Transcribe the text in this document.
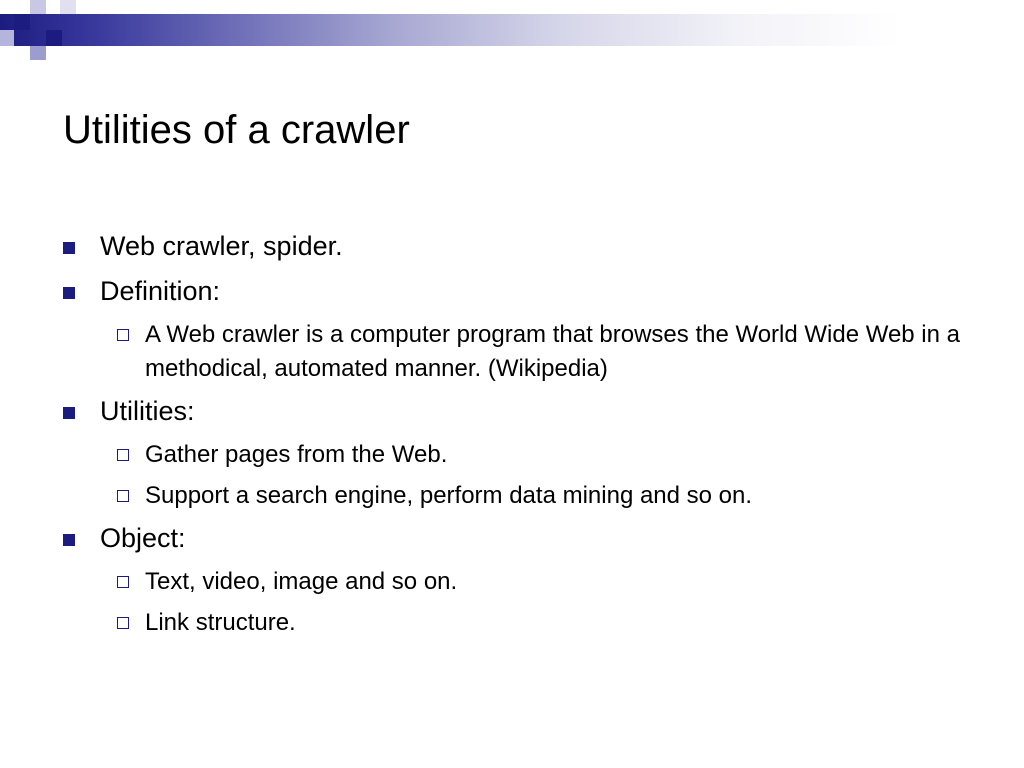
Utilities of a crawler
Web crawler, spider.
Definition:
A Web crawler is a computer program that browses the World Wide Web in a methodical, automated manner. (Wikipedia)
Utilities:
Gather pages from the Web.
Support a search engine, perform data mining and so on.
Object:
Text, video, image and so on.
Link structure.
